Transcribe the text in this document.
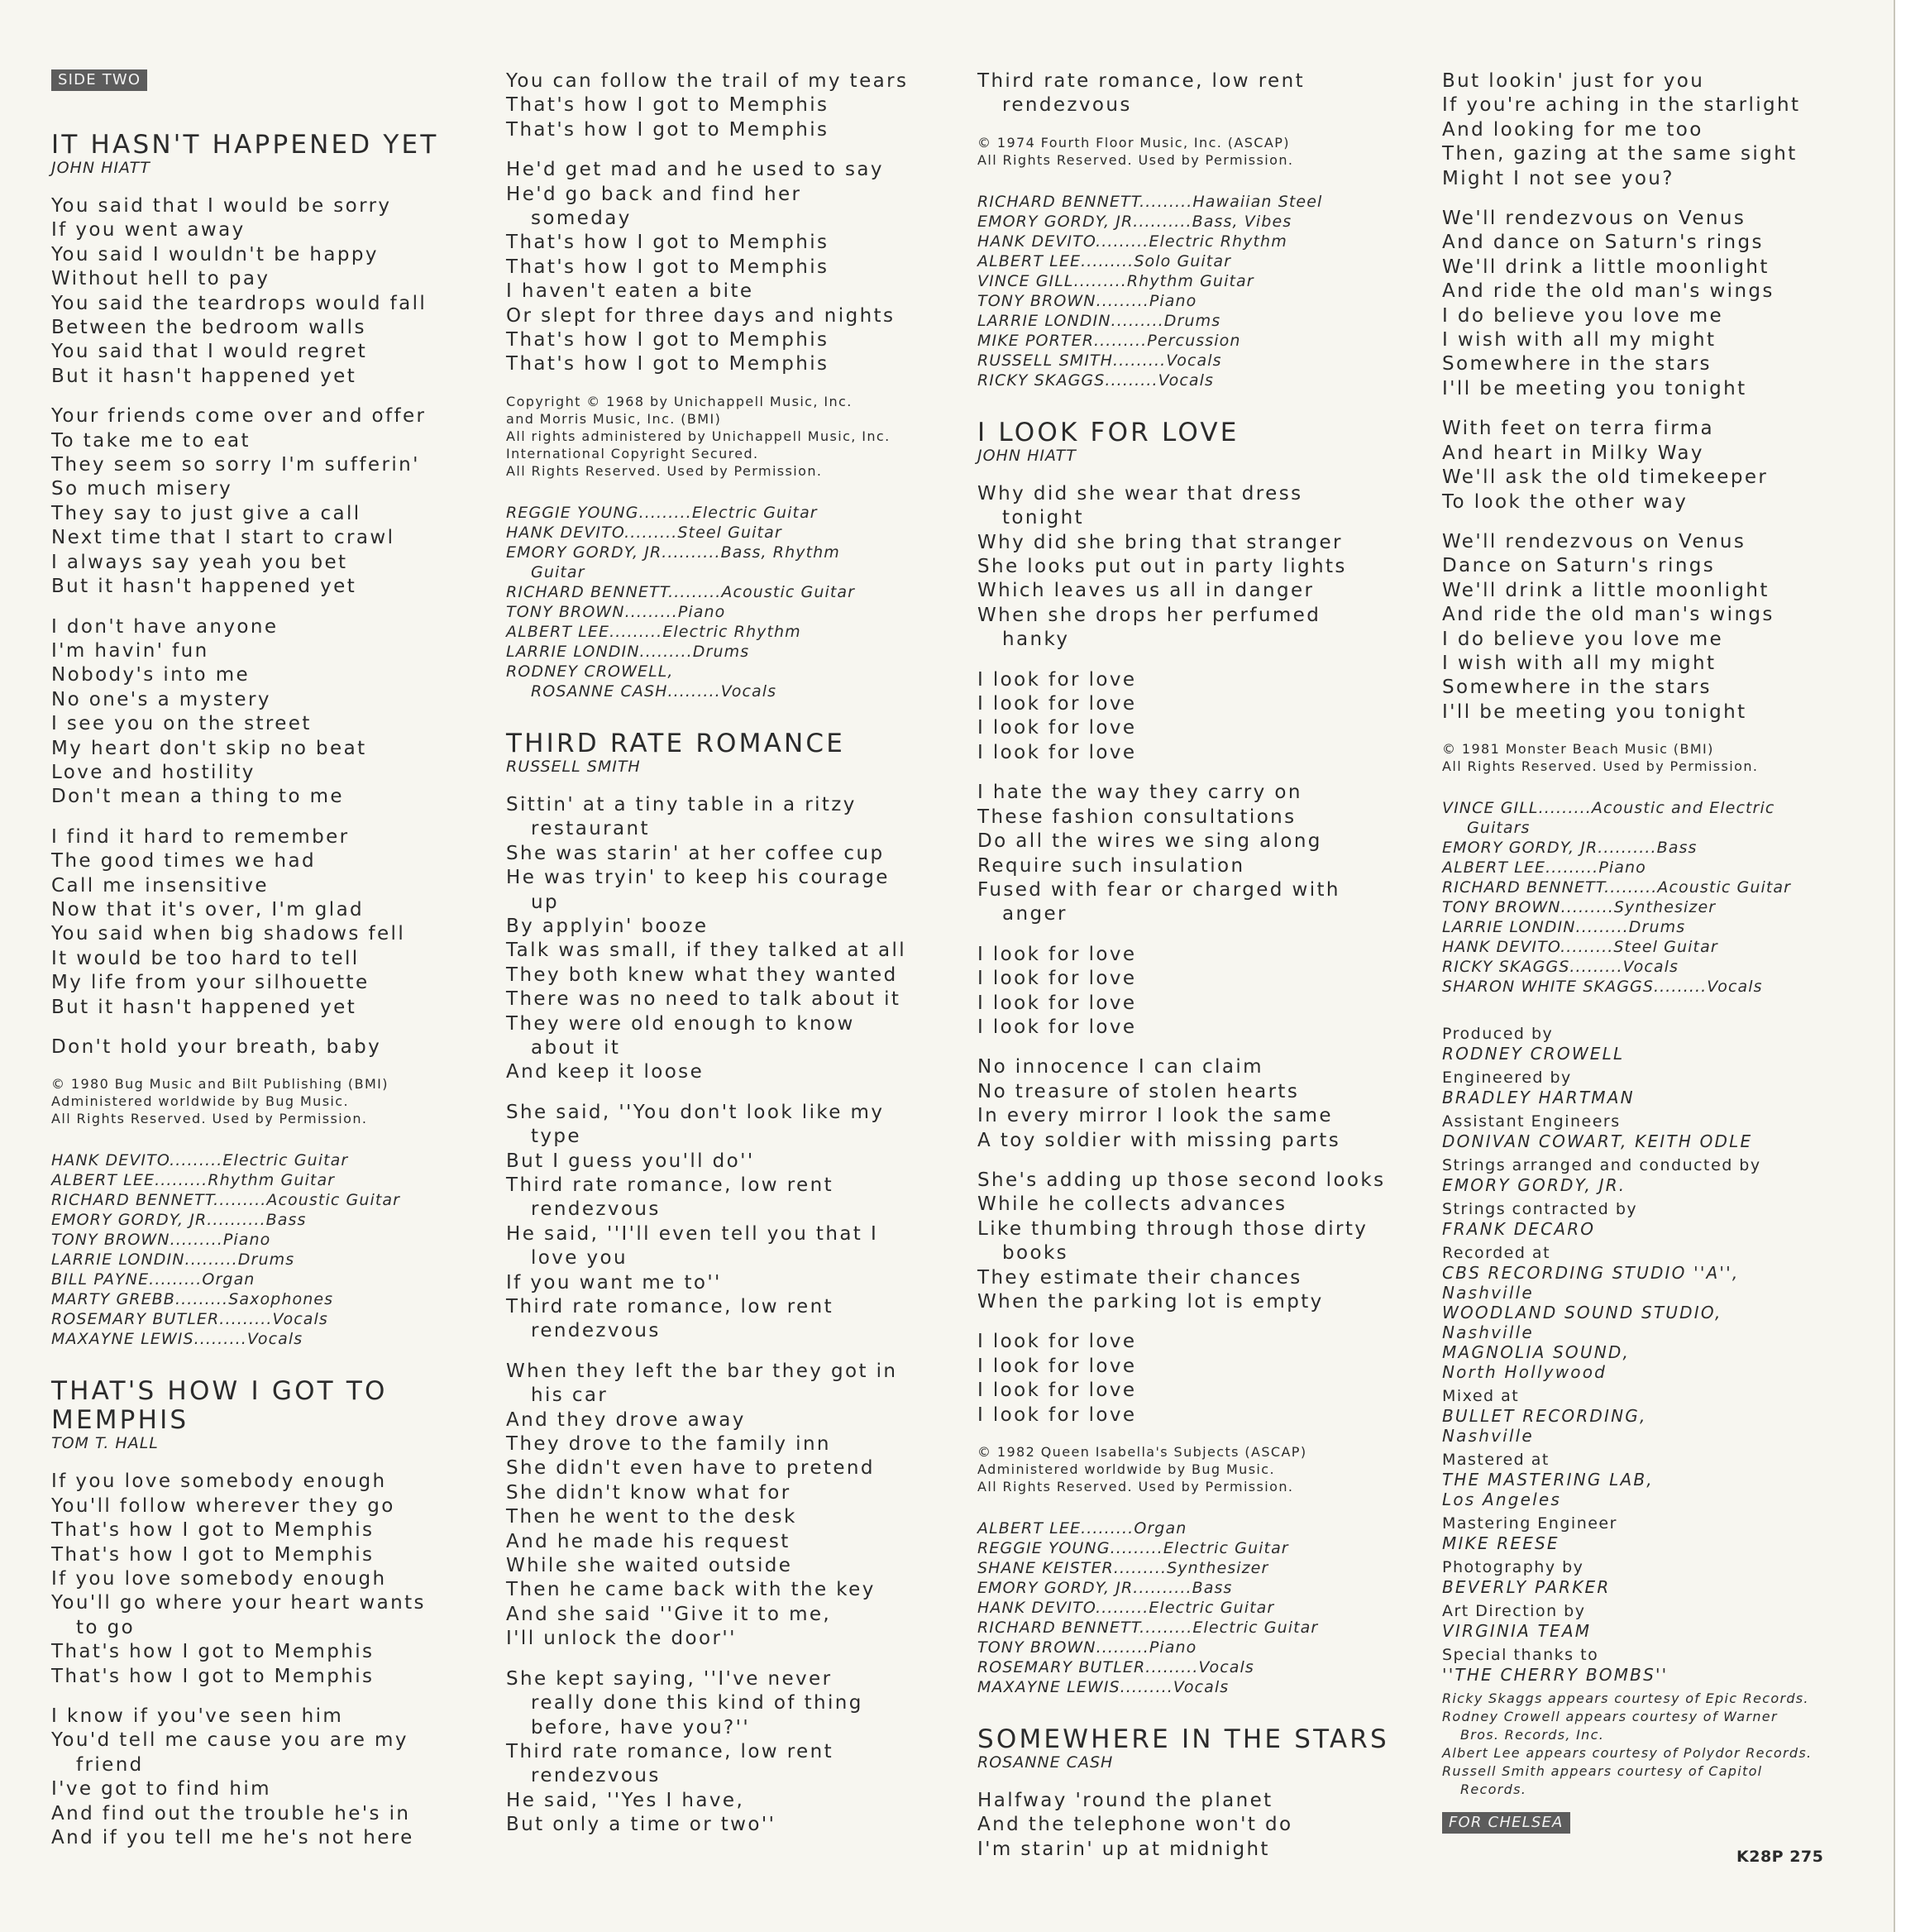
SIDE TWO
IT HASN'T HAPPENED YET
JOHN HIATT
You said that I would be sorry
If you went away
You said I wouldn't be happy
Without hell to pay
You said the teardrops would fall
Between the bedroom walls
You said that I would regret
But it hasn't happened yet
Your friends come over and offer
To take me to eat
They seem so sorry I'm sufferin'
So much misery
They say to just give a call
Next time that I start to crawl
I always say yeah you bet
But it hasn't happened yet
I don't have anyone
I'm havin' fun
Nobody's into me
No one's a mystery
I see you on the street
My heart don't skip no beat
Love and hostility
Don't mean a thing to me
I find it hard to remember
The good times we had
Call me insensitive
Now that it's over, I'm glad
You said when big shadows fell
It would be too hard to tell
My life from your silhouette
But it hasn't happened yet
Don't hold your breath, baby
© 1980 Bug Music and Bilt Publishing (BMI)
Administered worldwide by Bug Music.
All Rights Reserved. Used by Permission.
HANK DEVITO.........Electric Guitar
ALBERT LEE.........Rhythm Guitar
RICHARD BENNETT.........Acoustic Guitar
EMORY GORDY, JR..........Bass
TONY BROWN.........Piano
LARRIE LONDIN.........Drums
BILL PAYNE.........Organ
MARTY GREBB.........Saxophones
ROSEMARY BUTLER.........Vocals
MAXAYNE LEWIS.........Vocals
THAT'S HOW I GOT TO
MEMPHIS
TOM T. HALL
If you love somebody enough
You'll follow wherever they go
That's how I got to Memphis
That's how I got to Memphis
If you love somebody enough
You'll go where your heart wants
to go
That's how I got to Memphis
That's how I got to Memphis
I know if you've seen him
You'd tell me cause you are my
friend
I've got to find him
And find out the trouble he's in
And if you tell me he's not here
You can follow the trail of my tears
That's how I got to Memphis
That's how I got to Memphis
He'd get mad and he used to say
He'd go back and find her
someday
That's how I got to Memphis
That's how I got to Memphis
I haven't eaten a bite
Or slept for three days and nights
That's how I got to Memphis
That's how I got to Memphis
Copyright © 1968 by Unichappell Music, Inc.
and Morris Music, Inc. (BMI)
All rights administered by Unichappell Music, Inc.
International Copyright Secured.
All Rights Reserved. Used by Permission.
REGGIE YOUNG.........Electric Guitar
HANK DEVITO.........Steel Guitar
EMORY GORDY, JR..........Bass, Rhythm
Guitar
RICHARD BENNETT.........Acoustic Guitar
TONY BROWN.........Piano
ALBERT LEE.........Electric Rhythm
LARRIE LONDIN.........Drums
RODNEY CROWELL,
ROSANNE CASH.........Vocals
THIRD RATE ROMANCE
RUSSELL SMITH
Sittin' at a tiny table in a ritzy
restaurant
She was starin' at her coffee cup
He was tryin' to keep his courage
up
By applyin' booze
Talk was small, if they talked at all
They both knew what they wanted
There was no need to talk about it
They were old enough to know
about it
And keep it loose
She said, ''You don't look like my
type
But I guess you'll do''
Third rate romance, low rent
rendezvous
He said, ''I'll even tell you that I
love you
If you want me to''
Third rate romance, low rent
rendezvous
When they left the bar they got in
his car
And they drove away
They drove to the family inn
She didn't even have to pretend
She didn't know what for
Then he went to the desk
And he made his request
While she waited outside
Then he came back with the key
And she said ''Give it to me,
I'll unlock the door''
She kept saying, ''I've never
really done this kind of thing
before, have you?''
Third rate romance, low rent
rendezvous
He said, ''Yes I have,
But only a time or two''
Third rate romance, low rent
rendezvous
© 1974 Fourth Floor Music, Inc. (ASCAP)
All Rights Reserved. Used by Permission.
RICHARD BENNETT.........Hawaiian Steel
EMORY GORDY, JR..........Bass, Vibes
HANK DEVITO.........Electric Rhythm
ALBERT LEE.........Solo Guitar
VINCE GILL.........Rhythm Guitar
TONY BROWN.........Piano
LARRIE LONDIN.........Drums
MIKE PORTER.........Percussion
RUSSELL SMITH.........Vocals
RICKY SKAGGS.........Vocals
I LOOK FOR LOVE
JOHN HIATT
Why did she wear that dress
tonight
Why did she bring that stranger
She looks put out in party lights
Which leaves us all in danger
When she drops her perfumed
hanky
I look for love
I look for love
I look for love
I look for love
I hate the way they carry on
These fashion consultations
Do all the wires we sing along
Require such insulation
Fused with fear or charged with
anger
I look for love
I look for love
I look for love
I look for love
No innocence I can claim
No treasure of stolen hearts
In every mirror I look the same
A toy soldier with missing parts
She's adding up those second looks
While he collects advances
Like thumbing through those dirty
books
They estimate their chances
When the parking lot is empty
I look for love
I look for love
I look for love
I look for love
© 1982 Queen Isabella's Subjects (ASCAP)
Administered worldwide by Bug Music.
All Rights Reserved. Used by Permission.
ALBERT LEE.........Organ
REGGIE YOUNG.........Electric Guitar
SHANE KEISTER.........Synthesizer
EMORY GORDY, JR..........Bass
HANK DEVITO.........Electric Guitar
RICHARD BENNETT.........Electric Guitar
TONY BROWN.........Piano
ROSEMARY BUTLER.........Vocals
MAXAYNE LEWIS.........Vocals
SOMEWHERE IN THE STARS
ROSANNE CASH
Halfway 'round the planet
And the telephone won't do
I'm starin' up at midnight
But lookin' just for you
If you're aching in the starlight
And looking for me too
Then, gazing at the same sight
Might I not see you?
We'll rendezvous on Venus
And dance on Saturn's rings
We'll drink a little moonlight
And ride the old man's wings
I do believe you love me
I wish with all my might
Somewhere in the stars
I'll be meeting you tonight
With feet on terra firma
And heart in Milky Way
We'll ask the old timekeeper
To look the other way
We'll rendezvous on Venus
Dance on Saturn's rings
We'll drink a little moonlight
And ride the old man's wings
I do believe you love me
I wish with all my might
Somewhere in the stars
I'll be meeting you tonight
© 1981 Monster Beach Music (BMI)
All Rights Reserved. Used by Permission.
VINCE GILL.........Acoustic and Electric
Guitars
EMORY GORDY, JR..........Bass
ALBERT LEE.........Piano
RICHARD BENNETT.........Acoustic Guitar
TONY BROWN.........Synthesizer
LARRIE LONDIN.........Drums
HANK DEVITO.........Steel Guitar
RICKY SKAGGS.........Vocals
SHARON WHITE SKAGGS.........Vocals
Produced by
RODNEY CROWELL
Engineered by
BRADLEY HARTMAN
Assistant Engineers
DONIVAN COWART, KEITH ODLE
Strings arranged and conducted by
EMORY GORDY, JR.
Strings contracted by
FRANK DECARO
Recorded at
CBS RECORDING STUDIO ''A'',
Nashville
WOODLAND SOUND STUDIO,
Nashville
MAGNOLIA SOUND,
North Hollywood
Mixed at
BULLET RECORDING,
Nashville
Mastered at
THE MASTERING LAB,
Los Angeles
Mastering Engineer
MIKE REESE
Photography by
BEVERLY PARKER
Art Direction by
VIRGINIA TEAM
Special thanks to
''THE CHERRY BOMBS''
Ricky Skaggs appears courtesy of Epic Records.
Rodney Crowell appears courtesy of Warner
Bros. Records, Inc.
Albert Lee appears courtesy of Polydor Records.
Russell Smith appears courtesy of Capitol
Records.
FOR CHELSEA
K28P 275
